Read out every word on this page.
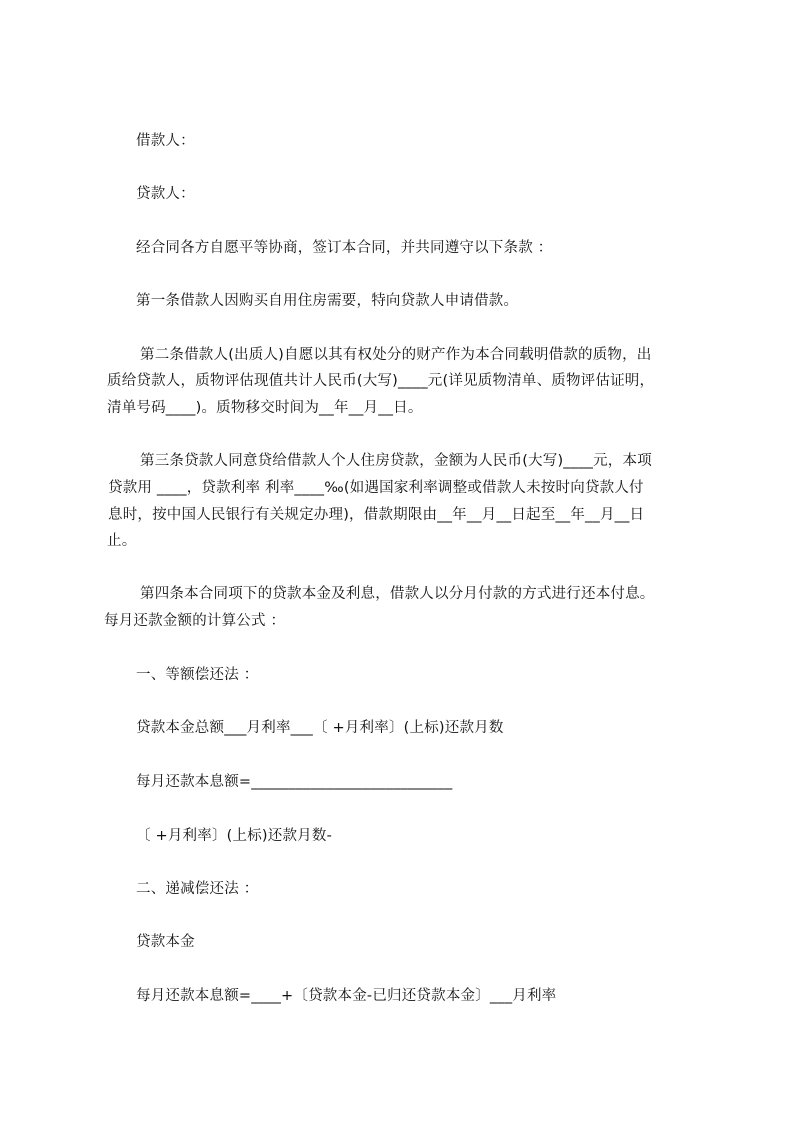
借款人：
贷款人：
经合同各方自愿平等协商，签订本合同，并共同遵守以下条款 ：
第一条借款人因购买自用住房需要，特向贷款人申请借款。
第二条借款人(出质人)自愿以其有权处分的财产作为本合同载明借款的质物，出
质给贷款人，质物评估现值共计人民币(大写)____元(详见质物清单、质物评估证明，
清单号码____)。质物移交时间为__年__月__日。
第三条贷款人同意贷给借款人个人住房贷款，金额为人民币(大写)____元，本项
贷款用 ____，贷款利率 利率____‰(如遇国家利率调整或借款人未按时向贷款人付
息时，按中国人民银行有关规定办理)，借款期限由__年__月__日起至__年__月__日
止。
第四条本合同项下的贷款本金及利息，借款人以分月付款的方式进行还本付息。
每月还款金额的计算公式 ：
一、等额偿还法 ：
贷款本金总额___月利率___〔 +月利率〕(上标)还款月数
每月还款本息额=___________________________
〔 +月利率〕(上标)还款月数-
二、递减偿还法 ：
贷款本金
每月还款本息额=____+〔贷款本金-已归还贷款本金〕___月利率
